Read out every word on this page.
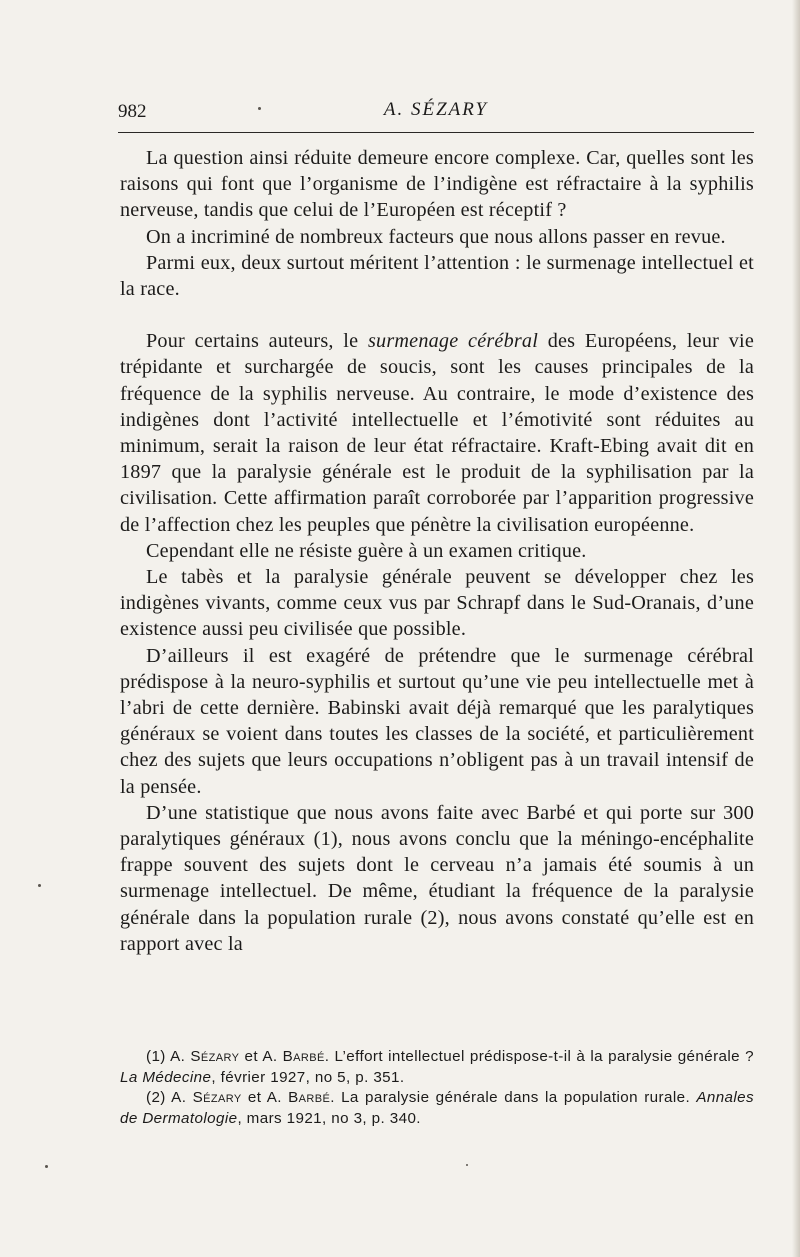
982	A. SÉZARY

La question ainsi réduite demeure encore complexe. Car, quelles sont les raisons qui font que l’organisme de l’indigène est réfractaire à la syphilis nerveuse, tandis que celui de l’Européen est réceptif ?

On a incriminé de nombreux facteurs que nous allons passer en revue.

Parmi eux, deux surtout méritent l’attention : le surmenage intellectuel et la race.

Pour certains auteurs, le surmenage cérébral des Européens, leur vie trépidante et surchargée de soucis, sont les causes principales de la fréquence de la syphilis nerveuse. Au contraire, le mode d’existence des indigènes dont l’activité intellectuelle et l’émotivité sont réduites au minimum, serait la raison de leur état réfractaire. Kraft-Ebing avait dit en 1897 que la paralysie générale est le produit de la syphilisation par la civilisation. Cette affirmation paraît corroborée par l’apparition progressive de l’affection chez les peuples que pénètre la civilisation européenne.

Cependant elle ne résiste guère à un examen critique.

Le tabès et la paralysie générale peuvent se développer chez les indigènes vivants, comme ceux vus par Schrapf dans le Sud-Oranais, d’une existence aussi peu civilisée que possible.

D’ailleurs il est exagéré de prétendre que le surmenage cérébral prédispose à la neuro-syphilis et surtout qu’une vie peu intellectuelle met à l’abri de cette dernière. Babinski avait déjà remarqué que les paralytiques généraux se voient dans toutes les classes de la société, et particulièrement chez des sujets que leurs occupations n’obligent pas à un travail intensif de la pensée.

D’une statistique que nous avons faite avec Barbé et qui porte sur 300 paralytiques généraux (1), nous avons conclu que la méningo-encéphalite frappe souvent des sujets dont le cerveau n’a jamais été soumis à un surmenage intellectuel. De même, étudiant la fréquence de la paralysie générale dans la population rurale (2), nous avons constaté qu’elle est en rapport avec la

(1) A. Sézary et A. Barbé. L’effort intellectuel prédispose-t-il à la paralysie générale ? La Médecine, février 1927, no 5, p. 351.

(2) A. Sézary et A. Barbé. La paralysie générale dans la population rurale. Annales de Dermatologie, mars 1921, no 3, p. 340.
